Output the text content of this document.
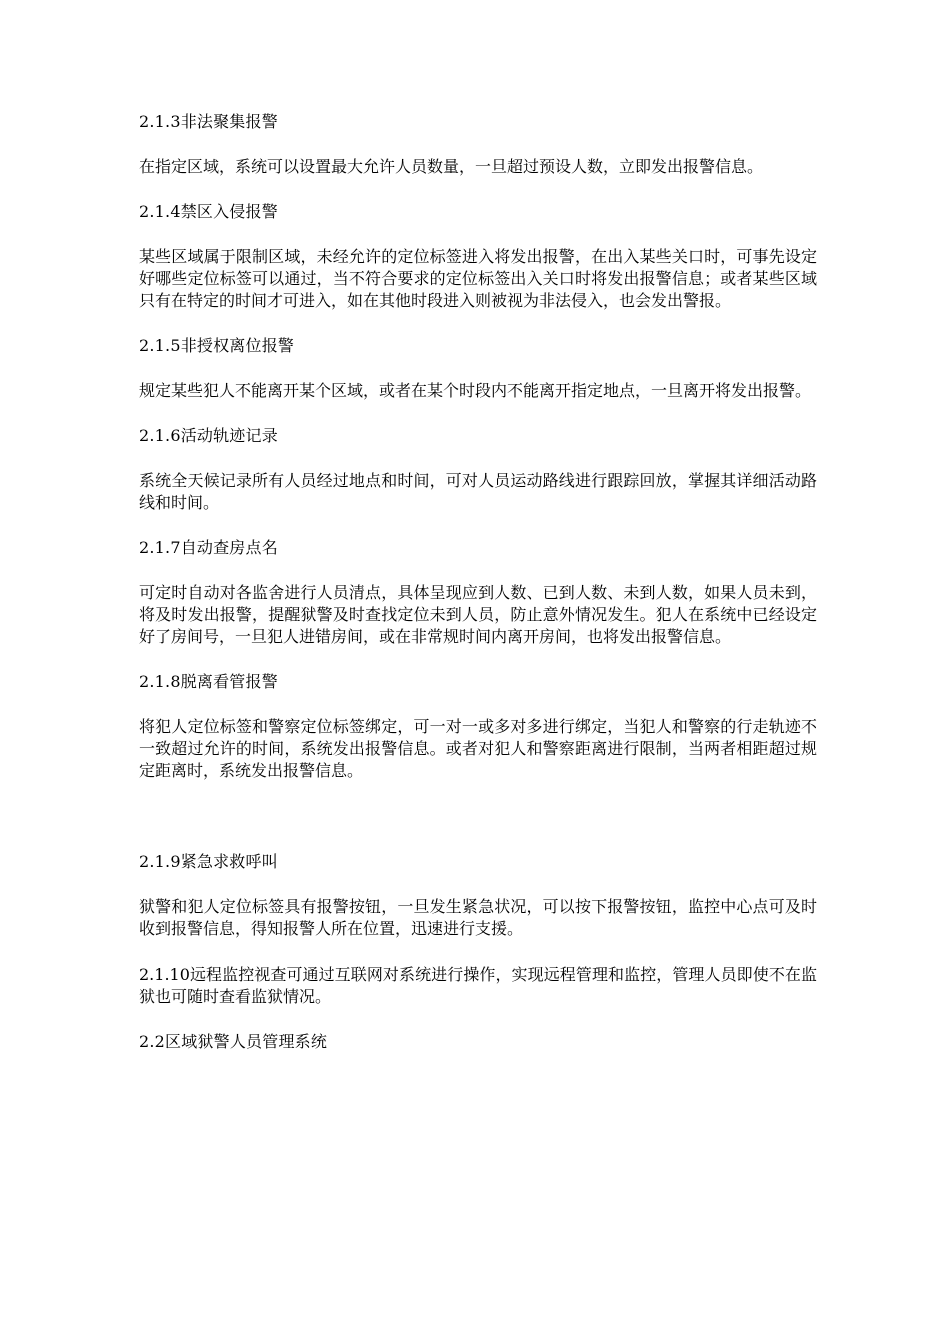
2.1.3非法聚集报警

在指定区域，系统可以设置最大允许人员数量，一旦超过预设人数，立即发出报警信息。

2.1.4禁区入侵报警

某些区域属于限制区域，未经允许的定位标签进入将发出报警，在出入某些关口时，可事先设定好哪些定位标签可以通过，当不符合要求的定位标签出入关口时将发出报警信息；或者某些区域只有在特定的时间才可进入，如在其他时段进入则被视为非法侵入，也会发出警报。

2.1.5非授权离位报警

规定某些犯人不能离开某个区域，或者在某个时段内不能离开指定地点，一旦离开将发出报警。

2.1.6活动轨迹记录

系统全天候记录所有人员经过地点和时间，可对人员运动路线进行跟踪回放，掌握其详细活动路线和时间。

2.1.7自动查房点名

可定时自动对各监舍进行人员清点，具体呈现应到人数、已到人数、未到人数，如果人员未到，将及时发出报警，提醒狱警及时查找定位未到人员，防止意外情况发生。犯人在系统中已经设定好了房间号，一旦犯人进错房间，或在非常规时间内离开房间，也将发出报警信息。

2.1.8脱离看管报警

将犯人定位标签和警察定位标签绑定，可一对一或多对多进行绑定，当犯人和警察的行走轨迹不一致超过允许的时间，系统发出报警信息。或者对犯人和警察距离进行限制，当两者相距超过规定距离时，系统发出报警信息。

2.1.9紧急求救呼叫

狱警和犯人定位标签具有报警按钮，一旦发生紧急状况，可以按下报警按钮，监控中心点可及时收到报警信息，得知报警人所在位置，迅速进行支援。

2.1.10远程监控视查可通过互联网对系统进行操作，实现远程管理和监控，管理人员即使不在监狱也可随时查看监狱情况。

2.2区域狱警人员管理系统
